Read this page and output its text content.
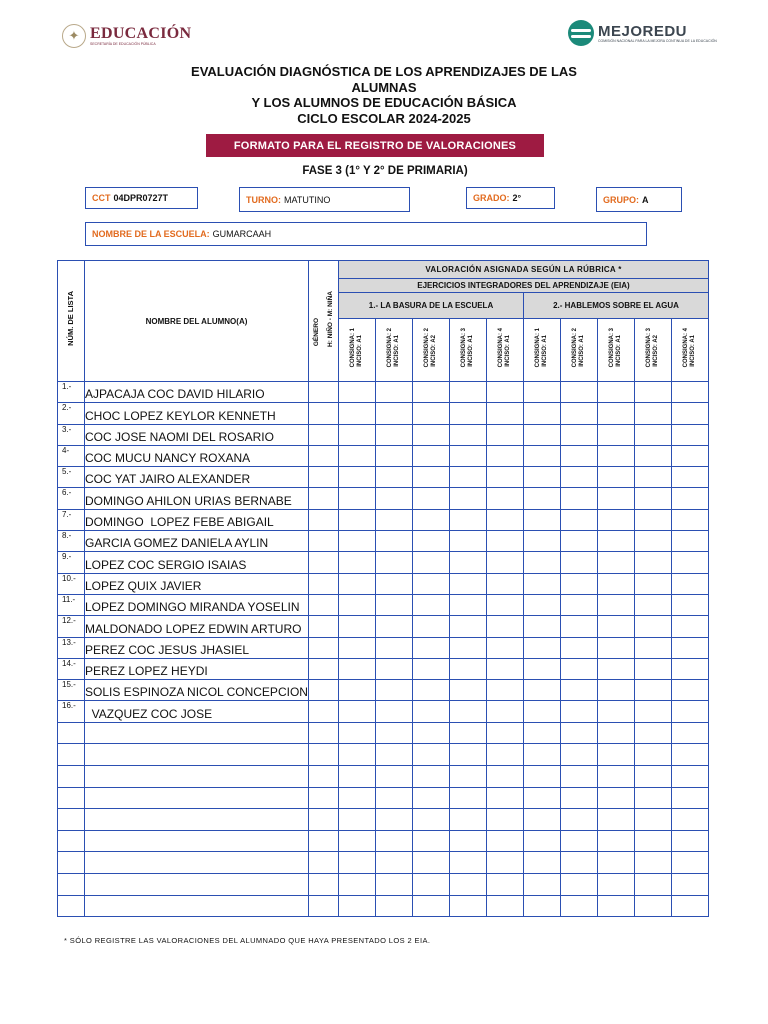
✦ EDUCACIÓN
SECRETARÍA DE EDUCACIÓN PÚBLICA
MEJOREDU
COMISIÓN NACIONAL PARA LA MEJORA CONTINUA DE LA EDUCACIÓN
EVALUACIÓN DIAGNÓSTICA DE LOS APRENDIZAJES DE LAS ALUMNAS
Y LOS ALUMNOS DE EDUCACIÓN BÁSICA
CICLO ESCOLAR 2024-2025
FORMATO PARA EL REGISTRO DE VALORACIONES
FASE 3 (1° Y 2° DE PRIMARIA)
CCT 04DPR0727T	TURNO: MATUTINO	GRADO: 2°	GRUPO: A
NOMBRE DE LA ESCUELA: GUMARCAAH
NÚM. DE LISTA	NOMBRE DEL ALUMNO(A)	GÉNERO H: NIÑO - M: NIÑA	VALORACIÓN ASIGNADA SEGÚN LA RÚBRICA *									
			EJERCICIOS INTEGRADORES DEL APRENDIZAJE (EIA)									
			1.- LA BASURA DE LA ESCUELA					2.- HABLEMOS SOBRE EL AGUA				
			CONSIGNA: 1 INCISO: A1	CONSIGNA: 2 INCISO: A1	CONSIGNA: 2 INCISO: A2	CONSIGNA: 3 INCISO: A1	CONSIGNA: 4 INCISO: A1	CONSIGNA: 1 INCISO: A1	CONSIGNA: 2 INCISO: A1	CONSIGNA: 3 INCISO: A1	CONSIGNA: 3 INCISO: A2	CONSIGNA: 4 INCISO: A1
1.-	AJPACAJA COC DAVID HILARIO											
2.-	CHOC LOPEZ KEYLOR KENNETH											
3.-	COC JOSE NAOMI DEL ROSARIO											
4-	COC MUCU NANCY ROXANA											
5.-	COC YAT JAIRO ALEXANDER											
6.-	DOMINGO AHILON URIAS BERNABE											
7.-	DOMINGO  LOPEZ FEBE ABIGAIL											
8.-	GARCIA GOMEZ DANIELA AYLIN											
9.-	LOPEZ COC SERGIO ISAIAS											
10.-	LOPEZ QUIX JAVIER											
11.-	LOPEZ DOMINGO MIRANDA YOSELIN											
12.-	MALDONADO LOPEZ EDWIN ARTURO											
13.-	PEREZ COC JESUS JHASIEL											
14.-	PEREZ LOPEZ HEYDI											
15.-	SOLIS ESPINOZA NICOL CONCEPCION											
16.-	VAZQUEZ COC JOSE											

* SÓLO REGISTRE LAS VALORACIONES DEL ALUMNADO QUE HAYA PRESENTADO LOS 2 EIA.
